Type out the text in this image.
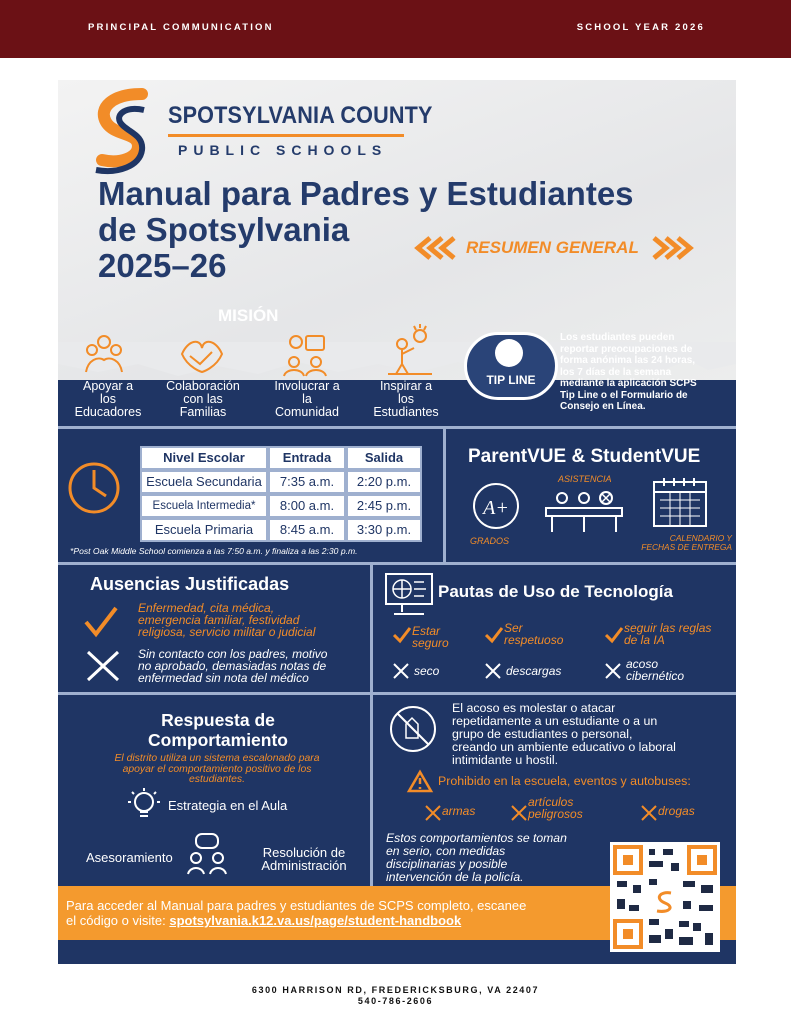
PRINCIPAL COMMUNICATION	SCHOOL YEAR 2026
SPOTSYLVANIA COUNTY
PUBLIC SCHOOLS
Manual para Padres y Estudiantes
de Spotsylvania
2025–26	RESUMEN GENERAL
MISIÓN
Apoyar a
los
Educadores
Colaboración
con las
Familias
Involucrar a
la
Comunidad
Inspirar a
los
Estudiantes
TIP LINE
Los estudiantes pueden
reportar preocupaciones de
forma anónima las 24 horas,
los 7 días de la semana
mediante la aplicación SCPS
Tip Line o el Formulario de
Consejo en Línea.
Nivel Escolar	Entrada	Salida
Escuela Secundaria	7:35 a.m.	2:20 p.m.
Escuela Intermedia*	8:00 a.m.	2:45 p.m.
Escuela Primaria	8:45 a.m.	3:30 p.m.
*Post Oak Middle School comienza a las 7:50 a.m. y finaliza a las 2:30 p.m.
ParentVUE & StudentVUE
A+
GRADOS
ASISTENCIA
CALENDARIO Y
FECHAS DE ENTREGA
Ausencias Justificadas
Enfermedad, cita médica,
emergencia familiar, festividad
religiosa, servicio militar o judicial
Sin contacto con los padres, motivo
no aprobado, demasiadas notas de
enfermedad sin nota del médico
Pautas de Uso de Tecnología
Estar
seguro
Ser
respetuoso
seguir las reglas
de la IA
seco	descargas	acoso
cibernético
Respuesta de
Comportamiento
El distrito utiliza un sistema escalonado para
apoyar el comportamiento positivo de los
estudiantes.
Estrategia en el Aula
Asesoramiento	Resolución de
Administración
El acoso es molestar o atacar
repetidamente a un estudiante o a un
grupo de estudiantes o personal,
creando un ambiente educativo o laboral
intimidante u hostil.
Prohibido en la escuela, eventos y autobuses:
armas
artículos
peligrosos	drogas
Estos comportamientos se toman
en serio, con medidas
disciplinarias y posible
intervención de la policía.
Para acceder al Manual para padres y estudiantes de SCPS completo, escanee
el código o visite: spotsylvania.k12.va.us/page/student-handbook
6300 HARRISON RD, FREDERICKSBURG, VA 22407
540-786-2606
